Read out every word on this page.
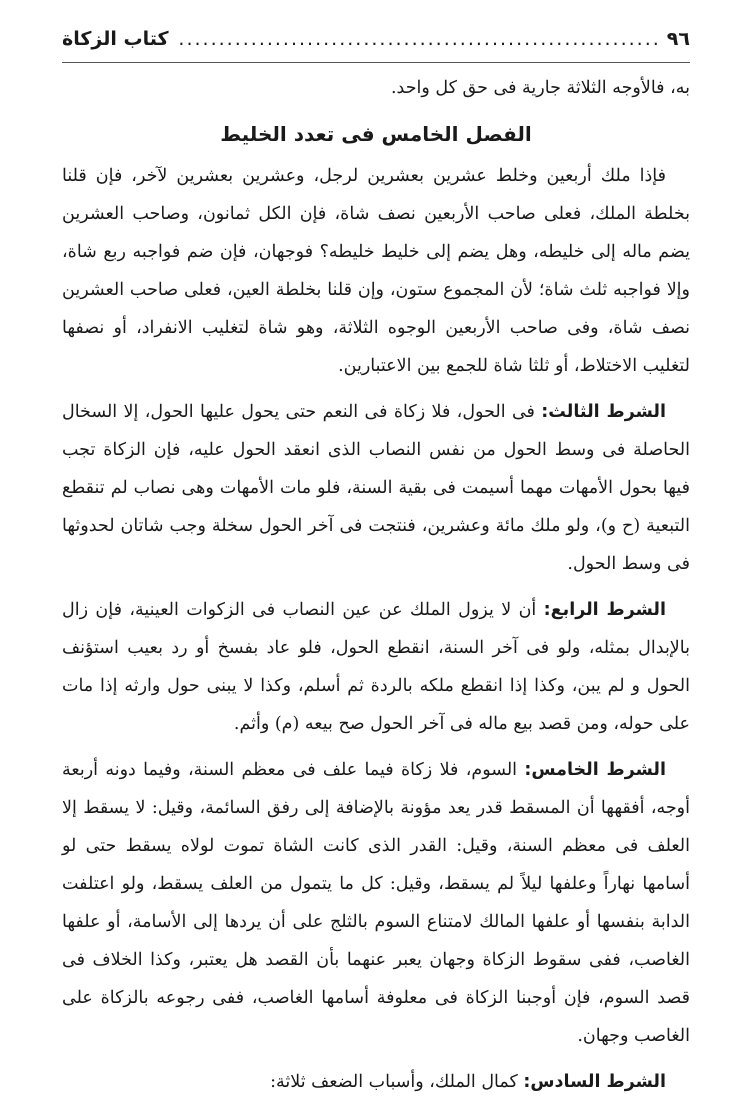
٩٦
.....
كتاب الزكاة

به، فالأوجه الثلاثة جارية فى حق كل واحد.

الفصل الخامس فى تعدد الخليط

فإذا ملك أربعين وخلط عشرين بعشرين لرجل، وعشرين بعشرين لآخر، فإن قلنا بخلطة الملك، فعلى صاحب الأربعين نصف شاة، فإن الكل ثمانون، وصاحب العشرين يضم ماله إلى خليطه، وهل يضم إلى خليط خليطه؟ فوجهان، فإن ضم فواجبه ربع شاة، وإلا فواجبه ثلث شاة؛ لأن المجموع ستون، وإن قلنا بخلطة العين، فعلى صاحب العشرين نصف شاة، وفى صاحب الأربعين الوجوه الثلاثة، وهو شاة لتغليب الانفراد، أو نصفها لتغليب الاختلاط، أو ثلثا شاة للجمع بين الاعتبارين.

الشرط الثالث: فى الحول، فلا زكاة فى النعم حتى يحول عليها الحول، إلا السخال الحاصلة فى وسط الحول من نفس النصاب الذى انعقد الحول عليه، فإن الزكاة تجب فيها بحول الأمهات مهما أسيمت فى بقية السنة، فلو مات الأمهات وهى نصاب لم تنقطع التبعية (ح و)، ولو ملك مائة وعشرين، فنتجت فى آخر الحول سخلة وجب شاتان لحدوثها فى وسط الحول.

الشرط الرابع: أن لا يزول الملك عن عين النصاب فى الزكوات العينية، فإن زال بالإبدال بمثله، ولو فى آخر السنة، انقطع الحول، فلو عاد بفسخ أو رد بعيب استؤنف الحول و لم يبن، وكذا إذا انقطع ملكه بالردة ثم أسلم، وكذا لا يبنى حول وارثه إذا مات على حوله، ومن قصد بيع ماله فى آخر الحول صح بيعه (م) وأثم.

الشرط الخامس: السوم، فلا زكاة فيما علف فى معظم السنة، وفيما دونه أربعة أوجه، أفقهها أن المسقط قدر يعد مؤونة بالإضافة إلى رفق السائمة، وقيل: لا يسقط إلا العلف فى معظم السنة، وقيل: القدر الذى كانت الشاة تموت لولاه يسقط حتى لو أسامها نهاراً وعلفها ليلاً لم يسقط، وقيل: كل ما يتمول من العلف يسقط، ولو اعتلفت الدابة بنفسها أو علفها المالك لامتناع السوم بالثلج على أن يردها إلى الأسامة، أو علفها الغاصب، ففى سقوط الزكاة وجهان يعبر عنهما بأن القصد هل يعتبر، وكذا الخلاف فى قصد السوم، فإن أوجبنا الزكاة فى معلوفة أسامها الغاصب، ففى رجوعه بالزكاة على الغاصب وجهان.

الشرط السادس: كمال الملك، وأسباب الضعف ثلاثة:
